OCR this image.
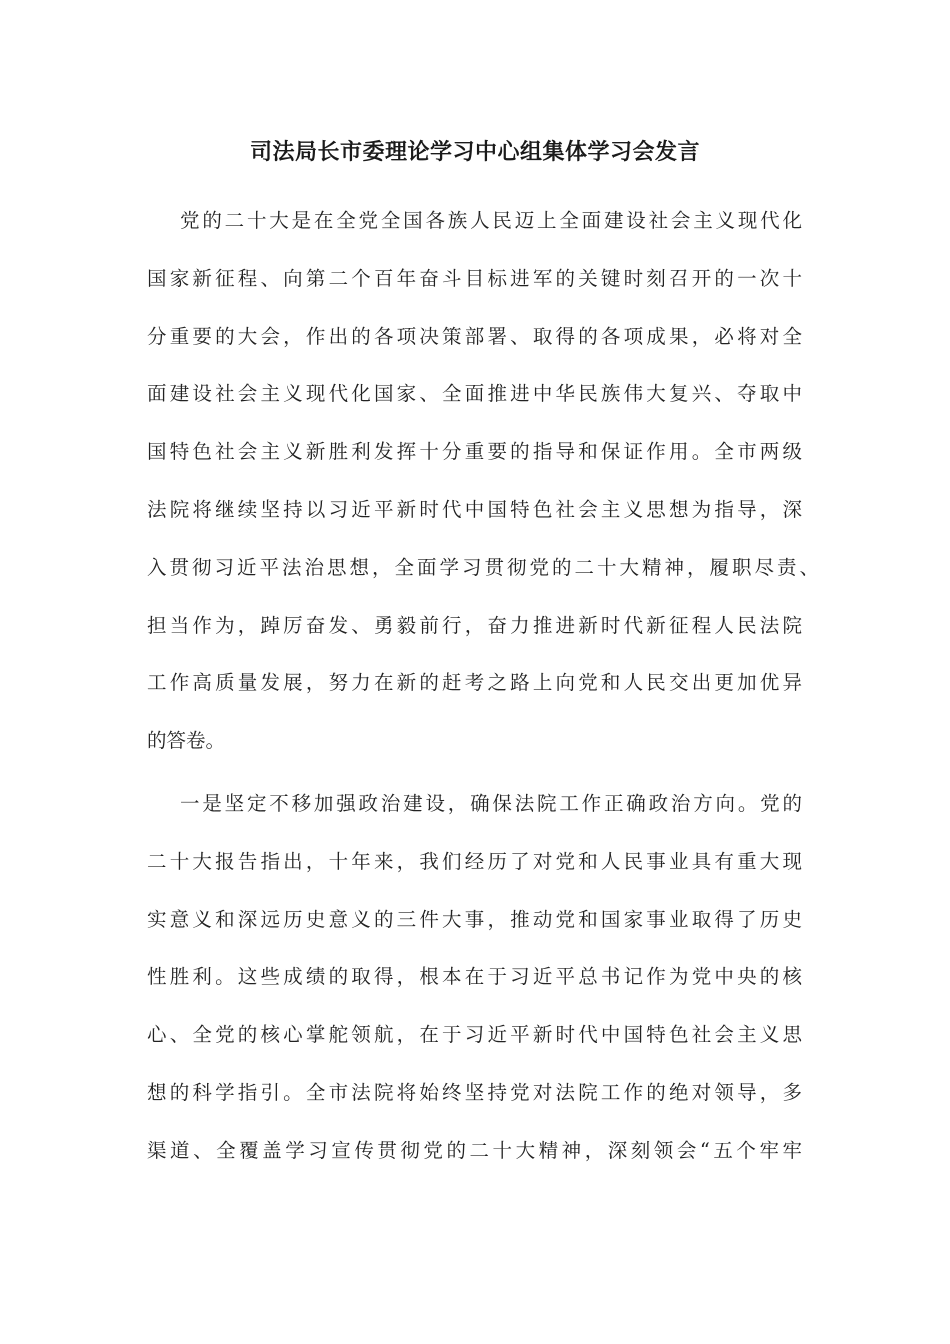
司法局长市委理论学习中心组集体学习会发言

党的二十大是在全党全国各族人民迈上全面建设社会主义现代化
国家新征程、向第二个百年奋斗目标进军的关键时刻召开的一次十
分重要的大会，作出的各项决策部署、取得的各项成果，必将对全
面建设社会主义现代化国家、全面推进中华民族伟大复兴、夺取中
国特色社会主义新胜利发挥十分重要的指导和保证作用。全市两级
法院将继续坚持以习近平新时代中国特色社会主义思想为指导，深
入贯彻习近平法治思想，全面学习贯彻党的二十大精神，履职尽责、
担当作为，踔厉奋发、勇毅前行，奋力推进新时代新征程人民法院
工作高质量发展，努力在新的赶考之路上向党和人民交出更加优异
的答卷。

一是坚定不移加强政治建设，确保法院工作正确政治方向。党的
二十大报告指出，十年来，我们经历了对党和人民事业具有重大现
实意义和深远历史意义的三件大事，推动党和国家事业取得了历史
性胜利。这些成绩的取得，根本在于习近平总书记作为党中央的核
心、全党的核心掌舵领航，在于习近平新时代中国特色社会主义思
想的科学指引。全市法院将始终坚持党对法院工作的绝对领导，多
渠道、全覆盖学习宣传贯彻党的二十大精神，深刻领会“五个牢牢
